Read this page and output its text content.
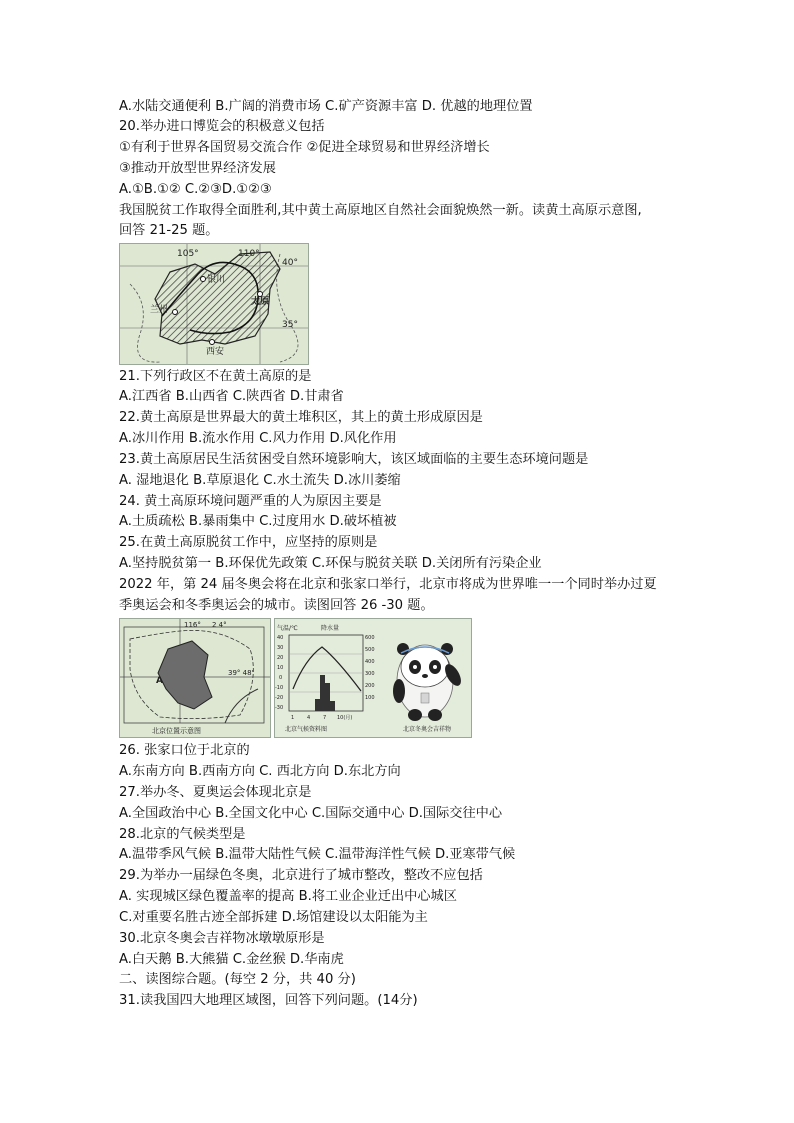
A.水陆交通便利 B.广阔的消费市场 C.矿产资源丰富 D. 优越的地理位置
20.举办进口博览会的积极意义包括
①有利于世界各国贸易交流合作 ②促进全球贸易和世界经济增长
③推动开放型世界经济发展
A.①B.①② C.②③D.①②③
我国脱贫工作取得全面胜利,其中黄土高原地区自然社会面貌焕然一新。读黄土高原示意图,
回答 21-25 题。
105°	110°
40°
35°
银川
兰州
太原
西安
21.下列行政区不在黄土高原的是
A.江西省 B.山西省 C.陕西省 D.甘肃省
22.黄土高原是世界最大的黄土堆积区，其上的黄土形成原因是
A.冰川作用 B.流水作用 C.风力作用 D.风化作用
23.黄土高原居民生活贫困受自然环境影响大，该区域面临的主要生态环境问题是
A. 湿地退化 B.草原退化 C.水土流失 D.冰川萎缩
24. 黄土高原环境问题严重的人为原因主要是
A.土质疏松 B.暴雨集中 C.过度用水 D.破坏植被
25.在黄土高原脱贫工作中，应坚持的原则是
A.坚持脱贫第一 B.环保优先政策 C.环保与脱贫关联 D.关闭所有污染企业
2022 年，第 24 届冬奥会将在北京和张家口举行，北京市将成为世界唯一一个同时举办过夏
季奥运会和冬季奥运会的城市。读图回答 26 -30 题。
116° 2 4°
A
39° 48'
北京位置示意图
气温/℃	降水量
40
30
20
10
0
-10
-20
-30
600
500
400
300
200
100
1	4	7 10(月)
北京气候资料图	北京冬奥会吉祥物
26. 张家口位于北京的
A.东南方向 B.西南方向 C. 西北方向 D.东北方向
27.举办冬、夏奥运会体现北京是
A.全国政治中心 B.全国文化中心 C.国际交通中心 D.国际交往中心
28.北京的气候类型是
A.温带季风气候 B.温带大陆性气候 C.温带海洋性气候 D.亚寒带气候
29.为举办一届绿色冬奥，北京进行了城市整改，整改不应包括
A. 实现城区绿色覆盖率的提高 B.将工业企业迁出中心城区
C.对重要名胜古迹全部拆建 D.场馆建设以太阳能为主
30.北京冬奥会吉祥物冰墩墩原形是
A.白天鹅 B.大熊猫 C.金丝猴 D.华南虎
二、读图综合题。(每空 2 分，共 40 分)
31.读我国四大地理区域图，回答下列问题。(14分)
